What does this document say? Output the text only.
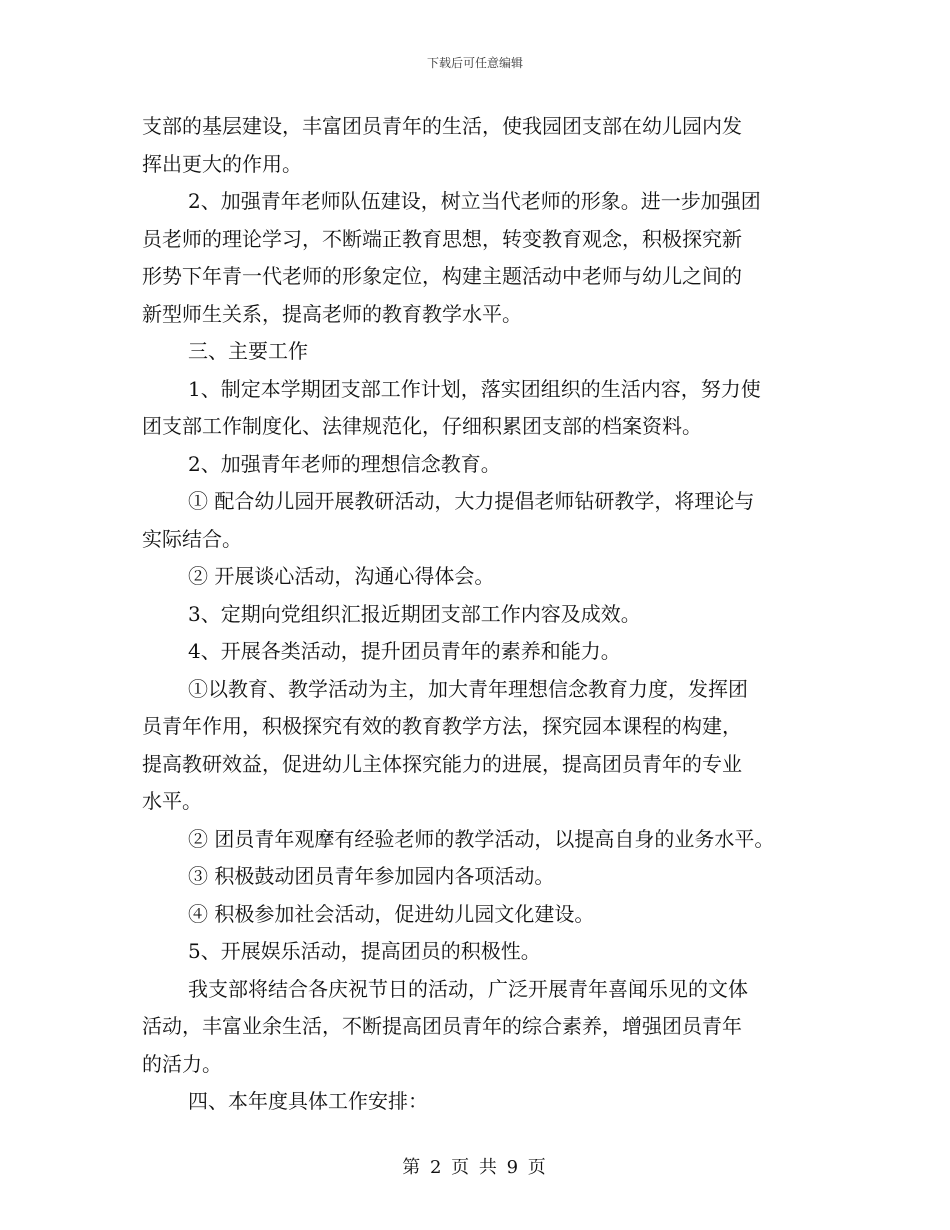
下载后可任意编辑
支部的基层建设，丰富团员青年的生活，使我园团支部在幼儿园内发
挥出更大的作用。
2、加强青年老师队伍建设，树立当代老师的形象。进一步加强团
员老师的理论学习，不断端正教育思想，转变教育观念，积极探究新
形势下年青一代老师的形象定位，构建主题活动中老师与幼儿之间的
新型师生关系，提高老师的教育教学水平。
三、主要工作
1、制定本学期团支部工作计划，落实团组织的生活内容，努力使
团支部工作制度化、法律规范化，仔细积累团支部的档案资料。
2、加强青年老师的理想信念教育。
① 配合幼儿园开展教研活动，大力提倡老师钻研教学，将理论与
实际结合。
② 开展谈心活动，沟通心得体会。
3、定期向党组织汇报近期团支部工作内容及成效。
4、开展各类活动，提升团员青年的素养和能力。
①以教育、教学活动为主，加大青年理想信念教育力度，发挥团
员青年作用，积极探究有效的教育教学方法，探究园本课程的构建，
提高教研效益，促进幼儿主体探究能力的进展，提高团员青年的专业
水平。
② 团员青年观摩有经验老师的教学活动，以提高自身的业务水平。
③ 积极鼓动团员青年参加园内各项活动。
④ 积极参加社会活动，促进幼儿园文化建设。
5、开展娱乐活动，提高团员的积极性。
我支部将结合各庆祝节日的活动，广泛开展青年喜闻乐见的文体
活动，丰富业余生活，不断提高团员青年的综合素养，增强团员青年
的活力。
四、本年度具体工作安排：
第 2 页 共 9 页
